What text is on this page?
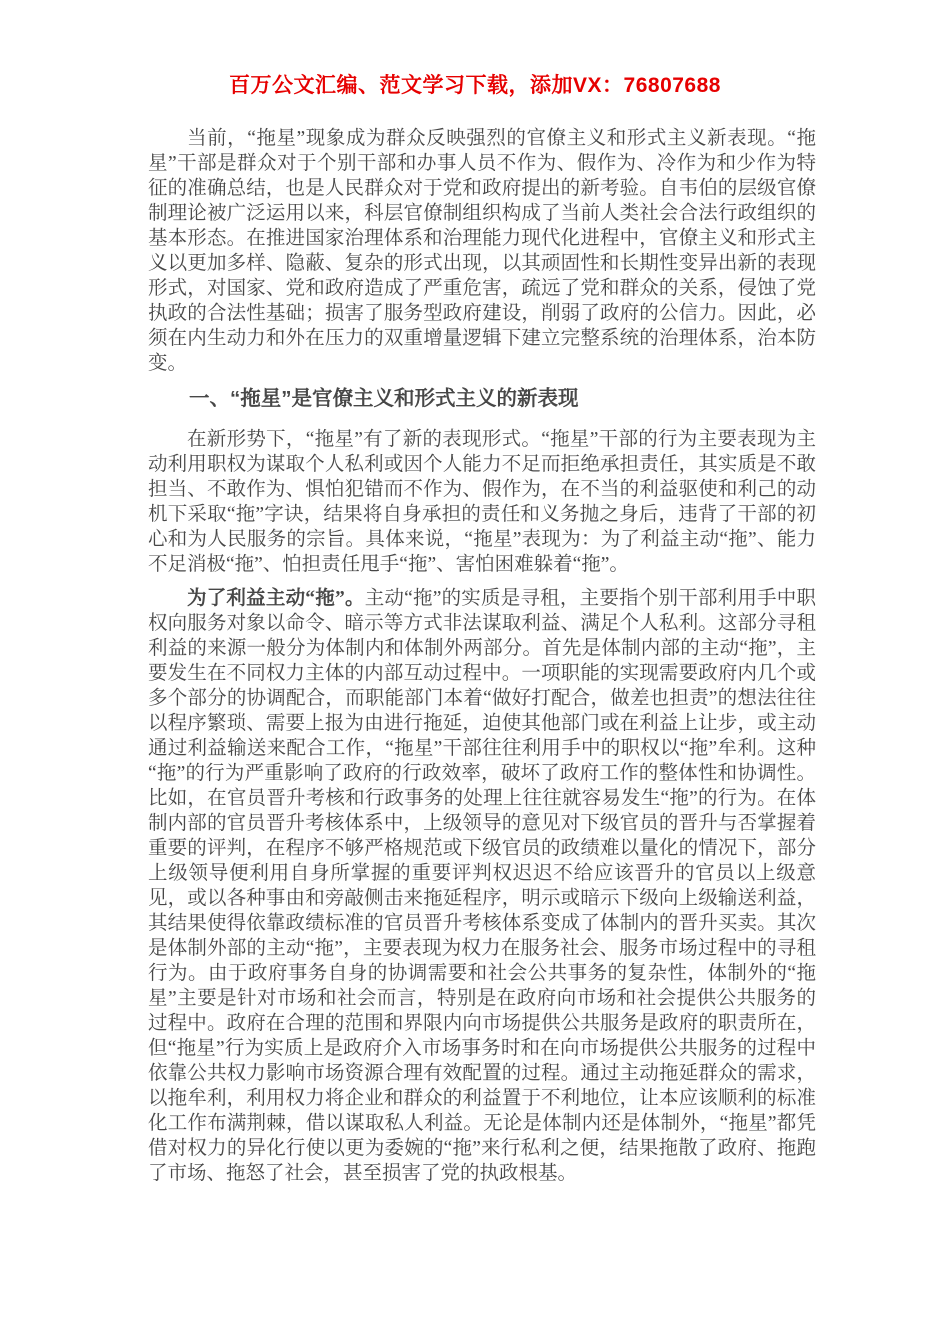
百万公文汇编、范文学习下载，添加VX：76807688

当前，“拖星”现象成为群众反映强烈的官僚主义和形式主义新表现。“拖星”干部是群众对于个别干部和办事人员不作为、假作为、冷作为和少作为特征的准确总结，也是人民群众对于党和政府提出的新考验。自韦伯的层级官僚制理论被广泛运用以来，科层官僚制组织构成了当前人类社会合法行政组织的基本形态。在推进国家治理体系和治理能力现代化进程中，官僚主义和形式主义以更加多样、隐蔽、复杂的形式出现，以其顽固性和长期性变异出新的表现形式，对国家、党和政府造成了严重危害，疏远了党和群众的关系，侵蚀了党执政的合法性基础；损害了服务型政府建设，削弱了政府的公信力。因此，必须在内生动力和外在压力的双重增量逻辑下建立完整系统的治理体系，治本防变。

一、“拖星”是官僚主义和形式主义的新表现

在新形势下，“拖星”有了新的表现形式。“拖星”干部的行为主要表现为主动利用职权为谋取个人私利或因个人能力不足而拒绝承担责任，其实质是不敢担当、不敢作为、惧怕犯错而不作为、假作为，在不当的利益驱使和利己的动机下采取“拖”字诀，结果将自身承担的责任和义务抛之身后，违背了干部的初心和为人民服务的宗旨。具体来说，“拖星”表现为：为了利益主动“拖”、能力不足消极“拖”、怕担责任甩手“拖”、害怕困难躲着“拖”。

为了利益主动“拖”。主动“拖”的实质是寻租，主要指个别干部利用手中职权向服务对象以命令、暗示等方式非法谋取利益、满足个人私利。这部分寻租利益的来源一般分为体制内和体制外两部分。首先是体制内部的主动“拖”，主要发生在不同权力主体的内部互动过程中。一项职能的实现需要政府内几个或多个部分的协调配合，而职能部门本着“做好打配合，做差也担责”的想法往往以程序繁琐、需要上报为由进行拖延，迫使其他部门或在利益上让步，或主动通过利益输送来配合工作，“拖星”干部往往利用手中的职权以“拖”牟利。这种“拖”的行为严重影响了政府的行政效率，破坏了政府工作的整体性和协调性。比如，在官员晋升考核和行政事务的处理上往往就容易发生“拖”的行为。在体制内部的官员晋升考核体系中，上级领导的意见对下级官员的晋升与否掌握着重要的评判，在程序不够严格规范或下级官员的政绩难以量化的情况下，部分上级领导便利用自身所掌握的重要评判权迟迟不给应该晋升的官员以上级意见，或以各种事由和旁敲侧击来拖延程序，明示或暗示下级向上级输送利益，其结果使得依靠政绩标准的官员晋升考核体系变成了体制内的晋升买卖。其次是体制外部的主动“拖”，主要表现为权力在服务社会、服务市场过程中的寻租行为。由于政府事务自身的协调需要和社会公共事务的复杂性，体制外的“拖星”主要是针对市场和社会而言，特别是在政府向市场和社会提供公共服务的过程中。政府在合理的范围和界限内向市场提供公共服务是政府的职责所在，但“拖星”行为实质上是政府介入市场事务时和在向市场提供公共服务的过程中依靠公共权力影响市场资源合理有效配置的过程。通过主动拖延群众的需求，以拖牟利，利用权力将企业和群众的利益置于不利地位，让本应该顺利的标准化工作布满荆棘，借以谋取私人利益。无论是体制内还是体制外，“拖星”都凭借对权力的异化行使以更为委婉的“拖”来行私利之便，结果拖散了政府、拖跑了市场、拖怒了社会，甚至损害了党的执政根基。
